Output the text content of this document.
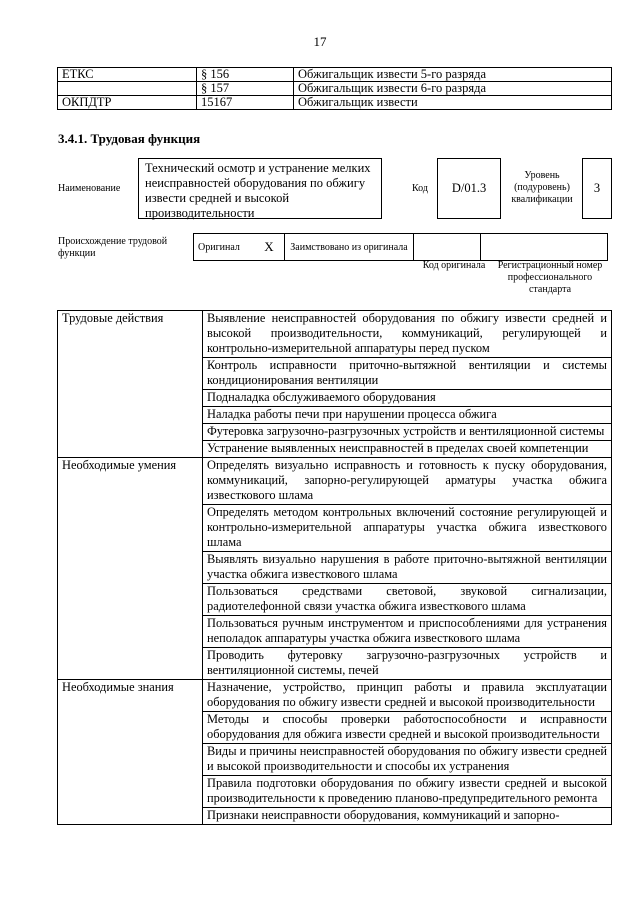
17
ЕТКС	§ 156	Обжигальщик извести 5-го разряда
	§ 157	Обжигальщик извести 6-го разряда
ОКПДТР	15167	Обжигальщик извести
3.4.1. Трудовая функция
Наименование
Технический осмотр и устранение мелких неисправностей оборудования по обжигу извести средней и высокой производительности
Код	D/01.3
Уровень (подуровень) квалификации
3
Происхождение трудовой функции
Оригинал	X	Заимствовано из оригинала		
Код оригинала	Регистрационный номер профессионального стандарта
Трудовые действия	Выявление неисправностей оборудования по обжигу извести средней и высокой производительности, коммуникаций, регулирующей и контрольно-измерительной аппаратуры перед пуском
	Контроль исправности приточно-вытяжной вентиляции и системы кондиционирования вентиляции
	Подналадка обслуживаемого оборудования
	Наладка работы печи при нарушении процесса обжига
	Футеровка загрузочно-разгрузочных устройств и вентиляционной системы
	Устранение выявленных неисправностей в пределах своей компетенции
Необходимые умения	Определять визуально исправность и готовность к пуску оборудования, коммуникаций, запорно-регулирующей арматуры участка обжига известкового шлама
	Определять методом контрольных включений состояние регулирующей и контрольно-измерительной аппаратуры участка обжига известкового шлама
	Выявлять визуально нарушения в работе приточно-вытяжной вентиляции участка обжига известкового шлама
	Пользоваться средствами световой, звуковой сигнализации, радиотелефонной связи участка обжига известкового шлама
	Пользоваться ручным инструментом и приспособлениями для устранения неполадок аппаратуры участка обжига известкового шлама
	Проводить футеровку загрузочно-разгрузочных устройств и вентиляционной системы, печей
Необходимые знания	Назначение, устройство, принцип работы и правила эксплуатации оборудования по обжигу извести средней и высокой производительности
	Методы и способы проверки работоспособности и исправности оборудования для обжига извести средней и высокой производительности
	Виды и причины неисправностей оборудования по обжигу извести средней и высокой производительности и способы их устранения
	Правила подготовки оборудования по обжигу извести средней и высокой производительности к проведению планово-предупредительного ремонта
	Признаки неисправности оборудования, коммуникаций и запорно-
